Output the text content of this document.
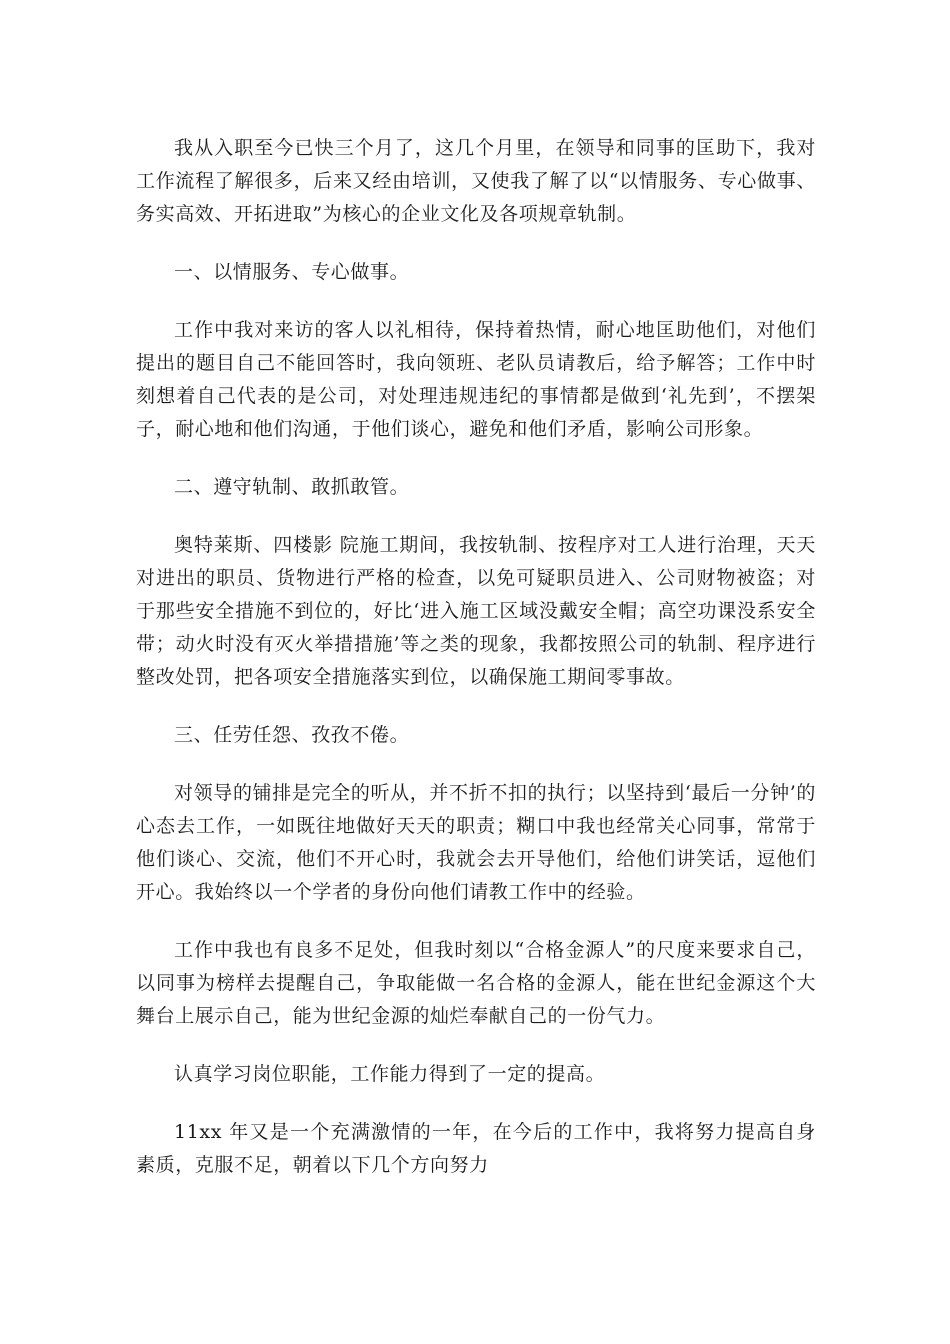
我从入职至今已快三个月了，这几个月里，在领导和同事的匡助下，我对工作流程了解很多，后来又经由培训，又使我了解了以“以情服务、专心做事、务实高效、开拓进取”为核心的企业文化及各项规章轨制。

一、以情服务、专心做事。

工作中我对来访的客人以礼相待，保持着热情，耐心地匡助他们，对他们提出的题目自己不能回答时，我向领班、老队员请教后，给予解答；工作中时刻想着自己代表的是公司，对处理违规违纪的事情都是做到‘礼先到’，不摆架子，耐心地和他们沟通，于他们谈心，避免和他们矛盾，影响公司形象。

二、遵守轨制、敢抓敢管。

奥特莱斯、四楼影 院施工期间，我按轨制、按程序对工人进行治理，天天对进出的职员、货物进行严格的检查，以免可疑职员进入、公司财物被盗；对于那些安全措施不到位的，好比‘进入施工区域没戴安全帽；高空功课没系安全带；动火时没有灭火举措措施’等之类的现象，我都按照公司的轨制、程序进行整改处罚，把各项安全措施落实到位，以确保施工期间零事故。

三、任劳任怨、孜孜不倦。

对领导的铺排是完全的听从，并不折不扣的执行；以坚持到‘最后一分钟’的心态去工作，一如既往地做好天天的职责；糊口中我也经常关心同事，常常于他们谈心、交流，他们不开心时，我就会去开导他们，给他们讲笑话，逗他们开心。我始终以一个学者的身份向他们请教工作中的经验。

工作中我也有良多不足处，但我时刻以“合格金源人”的尺度来要求自己，以同事为榜样去提醒自己，争取能做一名合格的金源人，能在世纪金源这个大舞台上展示自己，能为世纪金源的灿烂奉献自己的一份气力。

认真学习岗位职能，工作能力得到了一定的提高。

11xx 年又是一个充满激情的一年，在今后的工作中，我将努力提高自身素质，克服不足，朝着以下几个方向努力
